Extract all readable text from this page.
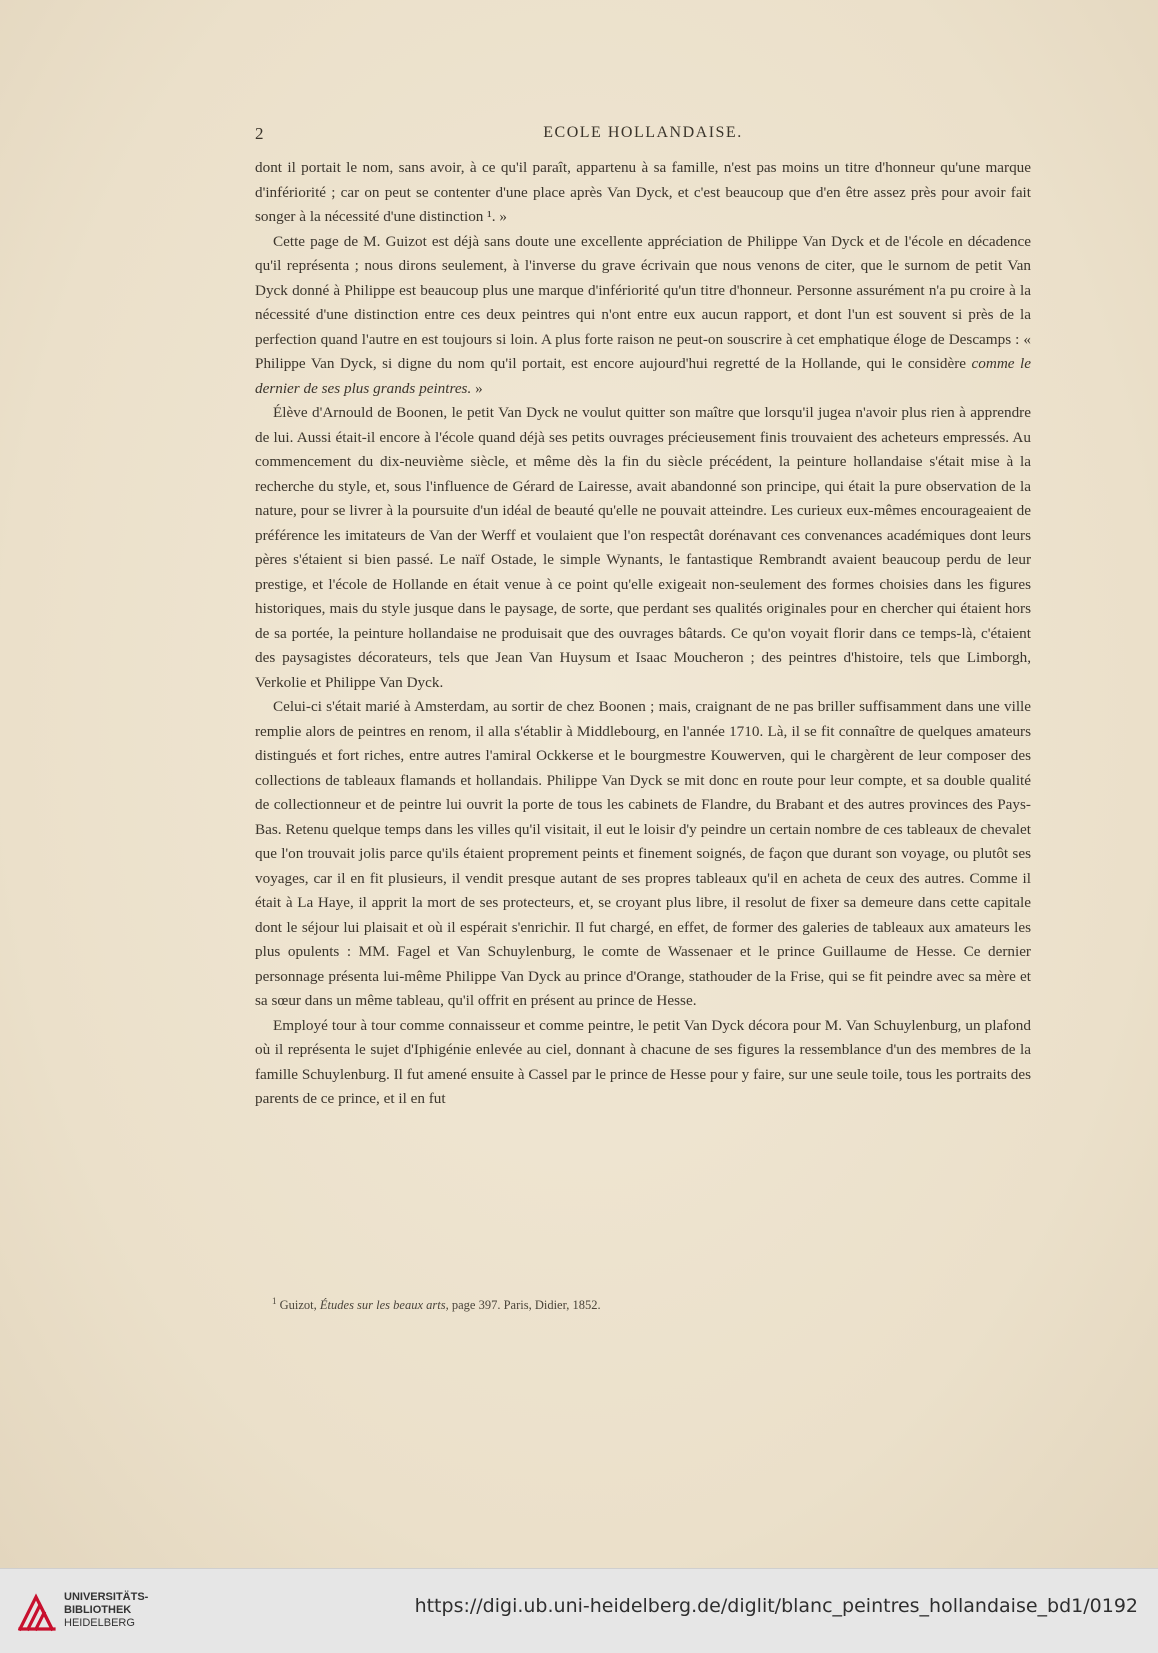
2	ECOLE HOLLANDAISE.

dont il portait le nom, sans avoir, à ce qu'il paraît, appartenu à sa famille, n'est pas moins un titre d'honneur qu'une marque d'infériorité ; car on peut se contenter d'une place après Van Dyck, et c'est beaucoup que d'en être assez près pour avoir fait songer à la nécessité d'une distinction ¹. »

Cette page de M. Guizot est déjà sans doute une excellente appréciation de Philippe Van Dyck et de l'école en décadence qu'il représenta ; nous dirons seulement, à l'inverse du grave écrivain que nous venons de citer, que le surnom de petit Van Dyck donné à Philippe est beaucoup plus une marque d'infériorité qu'un titre d'honneur. Personne assurément n'a pu croire à la nécessité d'une distinction entre ces deux peintres qui n'ont entre eux aucun rapport, et dont l'un est souvent si près de la perfection quand l'autre en est toujours si loin. A plus forte raison ne peut-on souscrire à cet emphatique éloge de Descamps : « Philippe Van Dyck, si digne du nom qu'il portait, est encore aujourd'hui regretté de la Hollande, qui le considère comme le dernier de ses plus grands peintres. »

Élève d'Arnould de Boonen, le petit Van Dyck ne voulut quitter son maître que lorsqu'il jugea n'avoir plus rien à apprendre de lui. Aussi était-il encore à l'école quand déjà ses petits ouvrages précieusement finis trouvaient des acheteurs empressés. Au commencement du dix-neuvième siècle, et même dès la fin du siècle précédent, la peinture hollandaise s'était mise à la recherche du style, et, sous l'influence de Gérard de Lairesse, avait abandonné son principe, qui était la pure observation de la nature, pour se livrer à la poursuite d'un idéal de beauté qu'elle ne pouvait atteindre. Les curieux eux-mêmes encourageaient de préférence les imitateurs de Van der Werff et voulaient que l'on respectât dorénavant ces convenances académiques dont leurs pères s'étaient si bien passé. Le naïf Ostade, le simple Wynants, le fantastique Rembrandt avaient beaucoup perdu de leur prestige, et l'école de Hollande en était venue à ce point qu'elle exigeait non-seulement des formes choisies dans les figures historiques, mais du style jusque dans le paysage, de sorte, que perdant ses qualités originales pour en chercher qui étaient hors de sa portée, la peinture hollandaise ne produisait que des ouvrages bâtards. Ce qu'on voyait florir dans ce temps-là, c'étaient des paysagistes décorateurs, tels que Jean Van Huysum et Isaac Moucheron ; des peintres d'histoire, tels que Limborgh, Verkolie et Philippe Van Dyck.

Celui-ci s'était marié à Amsterdam, au sortir de chez Boonen ; mais, craignant de ne pas briller suffisamment dans une ville remplie alors de peintres en renom, il alla s'établir à Middlebourg, en l'année 1710. Là, il se fit connaître de quelques amateurs distingués et fort riches, entre autres l'amiral Ockkerse et le bourgmestre Kouwerven, qui le chargèrent de leur composer des collections de tableaux flamands et hollandais. Philippe Van Dyck se mit donc en route pour leur compte, et sa double qualité de collectionneur et de peintre lui ouvrit la porte de tous les cabinets de Flandre, du Brabant et des autres provinces des Pays-Bas. Retenu quelque temps dans les villes qu'il visitait, il eut le loisir d'y peindre un certain nombre de ces tableaux de chevalet que l'on trouvait jolis parce qu'ils étaient proprement peints et finement soignés, de façon que durant son voyage, ou plutôt ses voyages, car il en fit plusieurs, il vendit presque autant de ses propres tableaux qu'il en acheta de ceux des autres. Comme il était à La Haye, il apprit la mort de ses protecteurs, et, se croyant plus libre, il resolut de fixer sa demeure dans cette capitale dont le séjour lui plaisait et où il espérait s'enrichir. Il fut chargé, en effet, de former des galeries de tableaux aux amateurs les plus opulents : MM. Fagel et Van Schuylenburg, le comte de Wassenaer et le prince Guillaume de Hesse. Ce dernier personnage présenta lui-même Philippe Van Dyck au prince d'Orange, stathouder de la Frise, qui se fit peindre avec sa mère et sa sœur dans un même tableau, qu'il offrit en présent au prince de Hesse.

Employé tour à tour comme connaisseur et comme peintre, le petit Van Dyck décora pour M. Van Schuylenburg, un plafond où il représenta le sujet d'Iphigénie enlevée au ciel, donnant à chacune de ses figures la ressemblance d'un des membres de la famille Schuylenburg. Il fut amené ensuite à Cassel par le prince de Hesse pour y faire, sur une seule toile, tous les portraits des parents de ce prince, et il en fut

$^1$ Guizot, Études sur les beaux arts, page 397. Paris, Didier, 1852.
UNIVERSITÄTS-
BIBLIOTHEK
HEIDELBERG
https://digi.ub.uni-heidelberg.de/diglit/blanc_peintres_hollandaise_bd1/0192
